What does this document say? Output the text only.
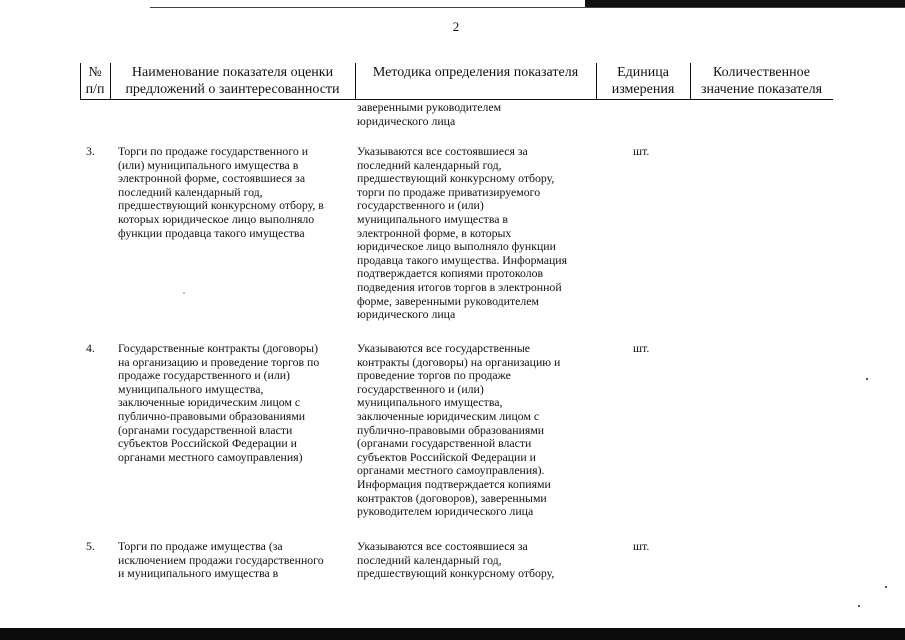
2
№
п/п
Наименование показателя оценки
предложений о заинтересованности
Методика определения показателя	Единица
измерения
Количественное
значение показателя
заверенными руководителем
юридического лица
3. Торги по продаже государственного и
(или) муниципального имущества в
электронной форме, состоявшиеся за
последний календарный год,
предшествующий конкурсному отбору, в
которых юридическое лицо выполняло
функции продавца такого имущества
Указываются все состоявшиеся за
последний календарный год,
предшествующий конкурсному отбору,
торги по продаже приватизируемого
государственного и (или)
муниципального имущества в
электронной форме, в которых
юридическое лицо выполняло функции
продавца такого имущества. Информация
подтверждается копиями протоколов
подведения итогов торгов в электронной
форме, заверенными руководителем
юридического лица
шт.
4. Государственные контракты (договоры)
на организацию и проведение торгов по
продаже государственного и (или)
муниципального имущества,
заключенные юридическим лицом с
публично-правовыми образованиями
(органами государственной власти
субъектов Российской Федерации и
органами местного самоуправления)
Указываются все государственные
контракты (договоры) на организацию и
проведение торгов по продаже
государственного и (или)
муниципального имущества,
заключенные юридическим лицом с
публично-правовыми образованиями
(органами государственной власти
субъектов Российской Федерации и
органами местного самоуправления).
Информация подтверждается копиями
контрактов (договоров), заверенными
руководителем юридического лица
шт.
5. Торги по продаже имущества (за
исключением продажи государственного
и муниципального имущества в
Указываются все состоявшиеся за
последний календарный год,
предшествующий конкурсному отбору,
шт.
